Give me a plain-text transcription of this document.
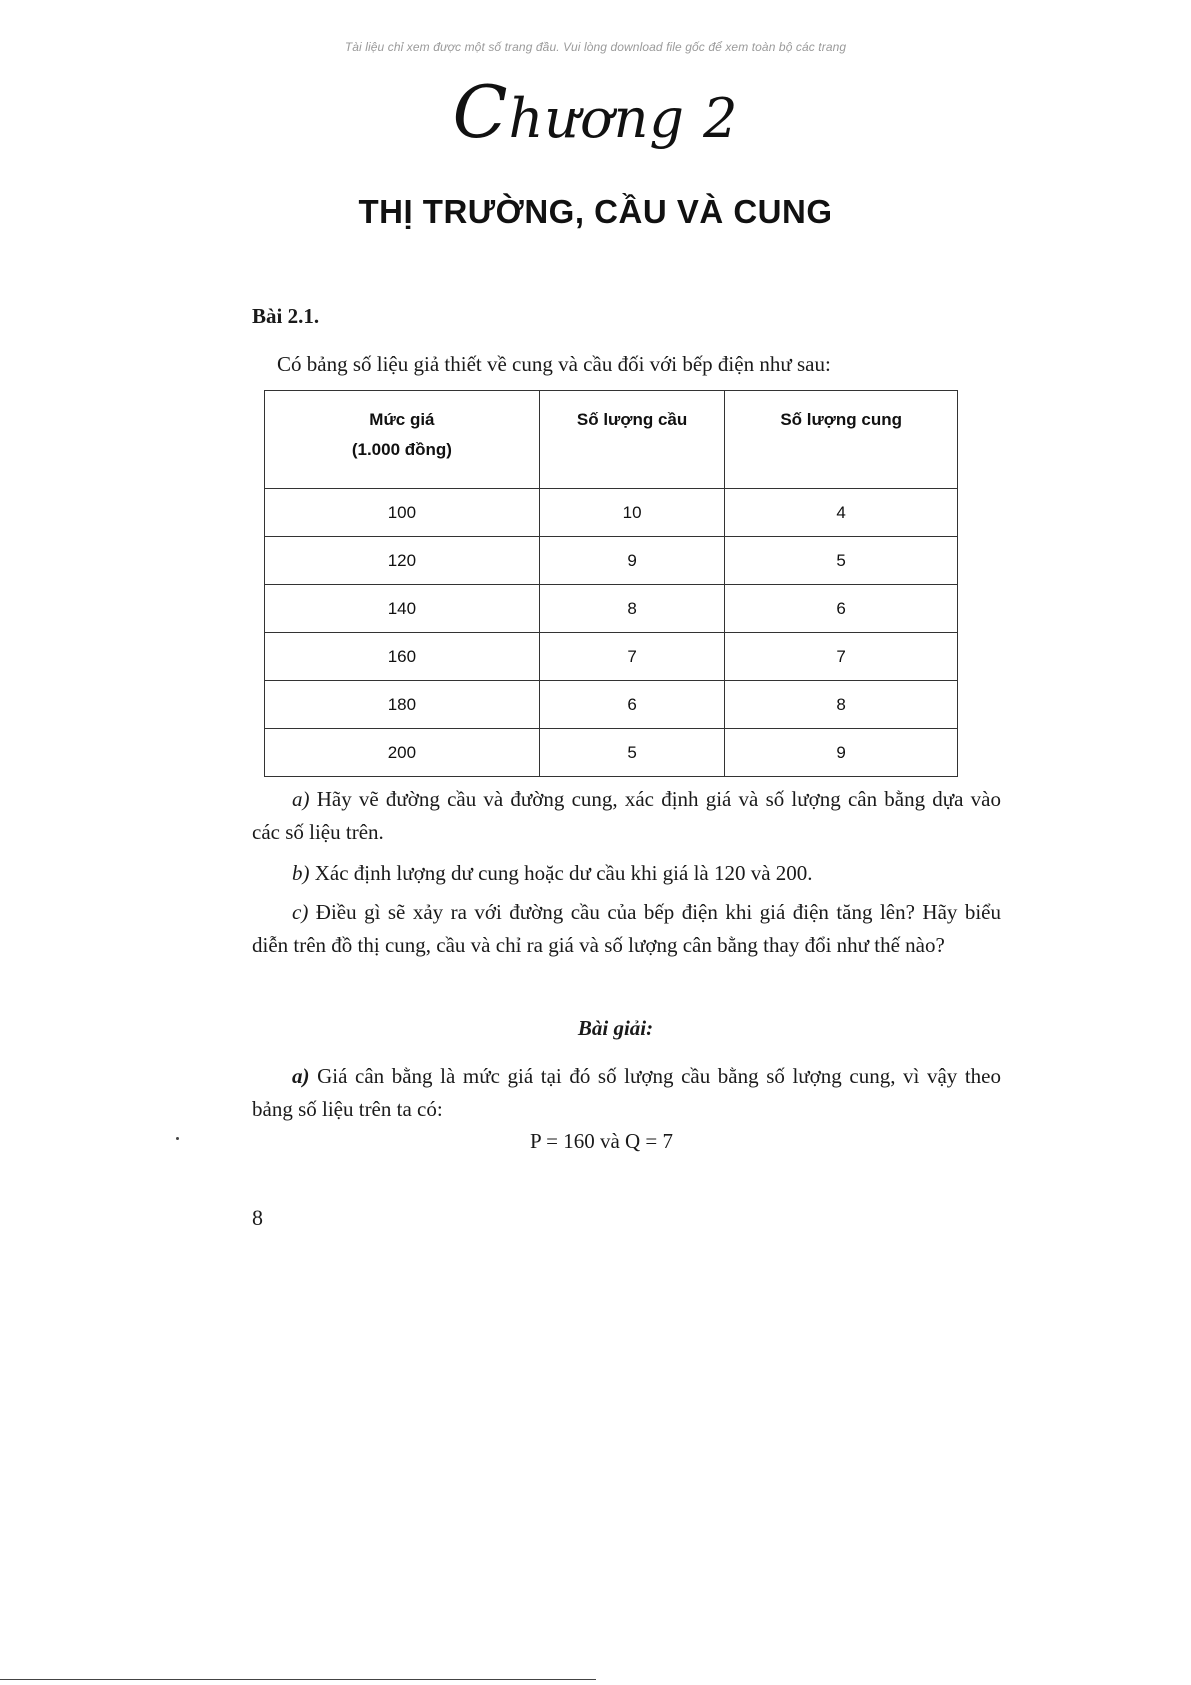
Tài liệu chỉ xem được một số trang đầu. Vui lòng download file gốc để xem toàn bộ các trang
Chương 2
THỊ TRƯỜNG, CẦU VÀ CUNG
Bài 2.1.
Có bảng số liệu giả thiết về cung và cầu đối với bếp điện như sau:
Mức giá
(1.000 đồng)	Số lượng cầu	Số lượng cung
100	10	4
120	9	5
140	8	6
160	7	7
180	6	8
200	5	9
a) Hãy vẽ đường cầu và đường cung, xác định giá và số lượng cân bằng dựa vào các số liệu trên.
b) Xác định lượng dư cung hoặc dư cầu khi giá là 120 và 200.
c) Điều gì sẽ xảy ra với đường cầu của bếp điện khi giá điện tăng lên? Hãy biểu diễn trên đồ thị cung, cầu và chỉ ra giá và số lượng cân bằng thay đổi như thế nào?
Bài giải:
a) Giá cân bằng là mức giá tại đó số lượng cầu bằng số lượng cung, vì vậy theo bảng số liệu trên ta có:
P = 160 và Q = 7
8
